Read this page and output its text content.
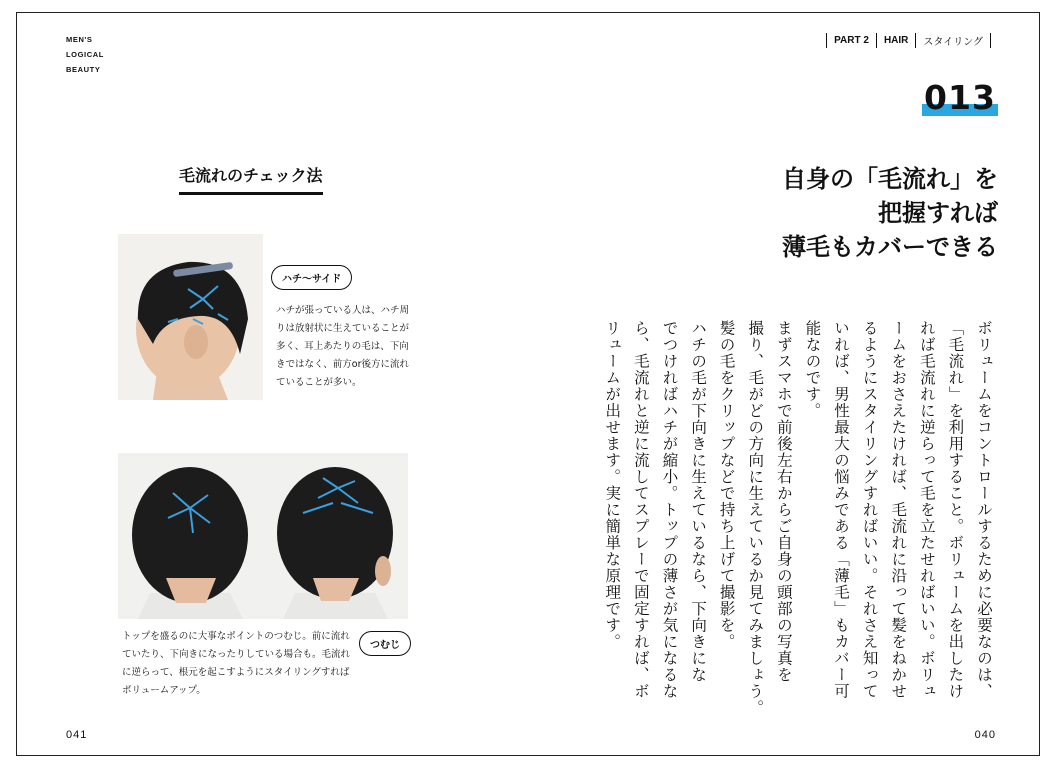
MEN'S
LOGICAL
BEAUTY
PART 2 HAIR スタイリング
013
自身の「毛流れ」を
把握すれば
薄毛もカバーできる
毛流れのチェック法
ハチ～サイド
ハチが張っている人は、ハチ周りは放射状に生えていることが多く、耳上あたりの毛は、下向きではなく、前方or後方に流れていることが多い。
トップを盛るのに大事なポイントのつむじ。前に流れていたり、下向きになったりしている場合も。毛流れに逆らって、根元を起こすようにスタイリングすればボリュームアップ。
つむじ	ボリュームをコントロールするために必要なのは、
「毛流れ」を利用すること。ボリュームを出したけ
れば毛流れに逆らって毛を立たせればいい。ボリュ
ームをおさえたければ、毛流れに沿って髪をねかせ
るようにスタイリングすればいい。それさえ知って
いれば、男性最大の悩みである「薄毛」もカバー可
能なのです。
まずスマホで前後左右からご自身の頭部の写真を
撮り、毛がどの方向に生えているか見てみましょう。
髪の毛をクリップなどで持ち上げて撮影を。
ハチの毛が下向きに生えているなら、下向きにな
でつければハチが縮小。トップの薄さが気になるな
ら、毛流れと逆に流してスプレーで固定すれば、ボ
リュームが出せます。実に簡単な原理です。
041	040
